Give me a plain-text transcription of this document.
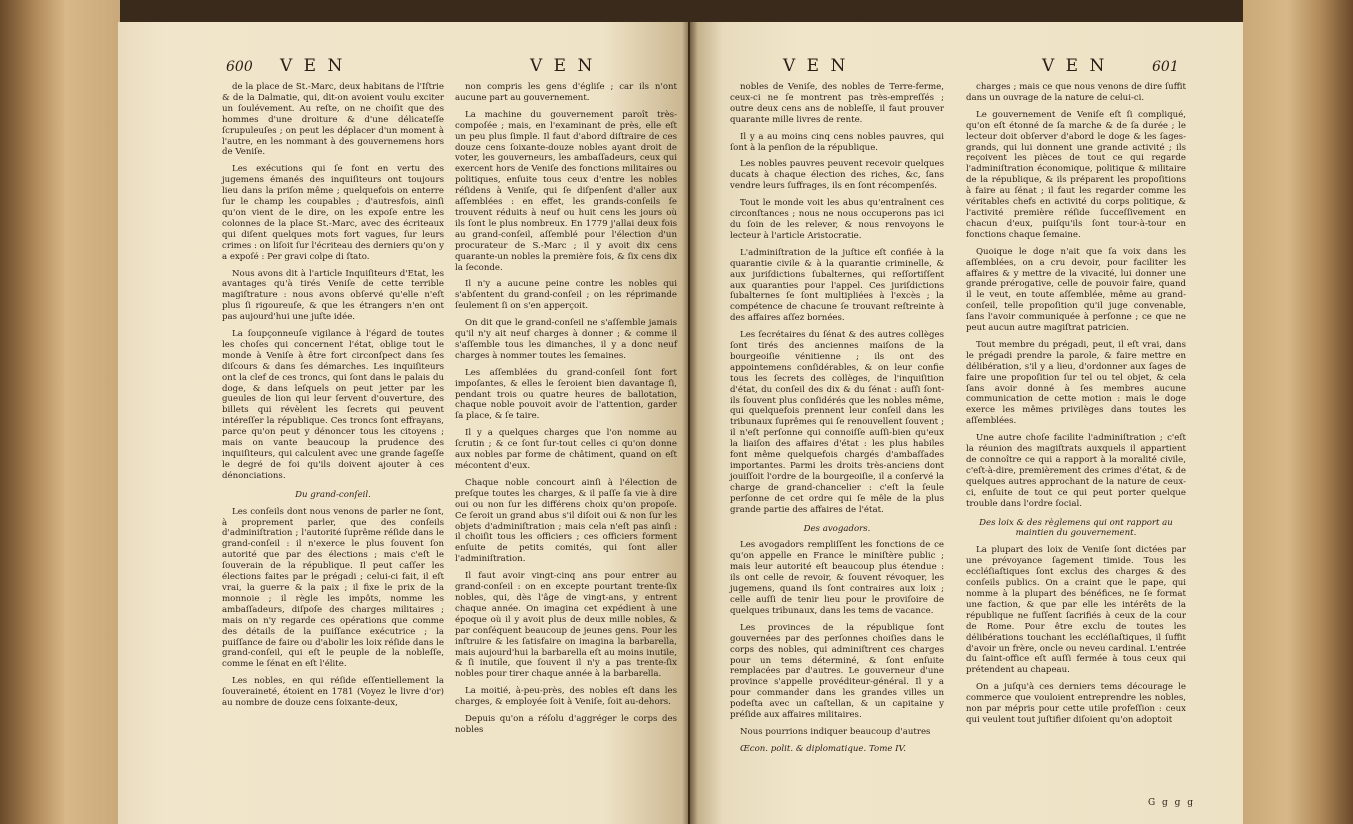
600 V E N	V E N

de la place de St.-Marc, deux habitans de l'Iſtrie & de la Dalmatie, qui, dit-on avoient voulu exciter un ſoulévement. Au reſte, on ne choiſit que des hommes d'une droiture & d'une délicateſſe ſcrupuleuſes ; on peut les déplacer d'un moment à l'autre, en les nommant à des gouvernemens hors de Veniſe.

Les exécutions qui ſe font en vertu des jugemens émanés des inquiſiteurs ont toujours lieu dans la priſon même ; quelquefois on enterre ſur le champ les coupables ; d'autresfois, ainſi qu'on vient de le dire, on les expoſe entre les colonnes de la place St.-Marc, avec des écriteaux qui diſent quelques mots fort vagues, ſur leurs crimes : on liſoit ſur l'écriteau des derniers qu'on y a expoſé : Per gravi colpe di ſtato.

Nous avons dit à l'article Inquiſiteurs d'Etat, les avantages qu'à tirés Veniſe de cette terrible magiſtrature : nous avons obſervé qu'elle n'eſt plus ſi rigoureuſe, & que les étrangers n'en ont pas aujourd'hui une juſte idée.

La ſoupçonneuſe vigilance à l'égard de toutes les choſes qui concernent l'état, oblige tout le monde à Veniſe à être fort circonſpect dans ſes diſcours & dans ſes démarches. Les inquiſiteurs ont la clef de ces troncs, qui ſont dans le palais du doge, & dans leſquels on peut jetter par les gueules de lion qui leur ſervent d'ouverture, des billets qui révèlent les ſecrets qui peuvent intéreſſer la république. Ces troncs ſont effrayans, parce qu'on peut y dénoncer tous les citoyens ; mais on vante beaucoup la prudence des inquiſiteurs, qui calculent avec une grande ſageſſe le degré de foi qu'ils doivent ajouter à ces dénonciations.

Du grand-conſeil.

Les conſeils dont nous venons de parler ne ſont, à proprement parler, que des conſeils d'adminiſtration ; l'autorité ſuprême réſide dans le grand-conſeil : il n'exerce le plus ſouvent ſon autorité que par des élections ; mais c'eſt le ſouverain de la république. Il peut caſſer les élections faites par le prégadi ; celui-ci fait, il eſt vrai, la guerre & la paix ; il fixe le prix de la monnoie ; il règle les impôts, nomme les ambaſſadeurs, diſpoſe des charges militaires ; mais on n'y regarde ces opérations que comme des détails de la puiſſance exécutrice ; la puiſſance de faire ou d'abolir les loix réſide dans le grand-conſeil, qui eſt le peuple de la nobleſſe, comme le ſénat en eſt l'élite.

Les nobles, en qui réſide eſſentiellement la ſouveraineté, étoient en 1781 (Voyez le livre d'or) au nombre de douze cens ſoixante-deux,

non compris les gens d'égliſe ; car ils n'ont aucune part au gouvernement.

La machine du gouvernement paroît très-compoſée ; mais, en l'examinant de près, elle eſt un peu plus ſimple. Il faut d'abord diſtraire de ces douze cens ſoixante-douze nobles ayant droit de voter, les gouverneurs, les ambaſſadeurs, ceux qui exercent hors de Veniſe des fonctions militaires ou politiques, enſuite tous ceux d'entre les nobles réſidens à Veniſe, qui ſe diſpenſent d'aller aux aſſemblées : en effet, les grands-conſeils ſe trouvent réduits à neuf ou huit cens les jours où ils ſont le plus nombreux. En 1779 j'allai deux fois au grand-conſeil, aſſemblé pour l'élection d'un procurateur de S.-Marc ; il y avoit dix cens quarante-un nobles la première fois, & ſix cens dix la ſeconde.

Il n'y a aucune peine contre les nobles qui s'abſentent du grand-conſeil ; on les réprimande ſeulement ſi on s'en apperçoit.

On dit que le grand-conſeil ne s'aſſemble jamais qu'il n'y ait neuf charges à donner ; & comme il s'aſſemble tous les dimanches, il y a donc neuf charges à nommer toutes les ſemaines.

Les aſſemblées du grand-conſeil ſont fort impoſantes, & elles le ſeroient bien davantage ſi, pendant trois ou quatre heures de ballotation, chaque noble pouvoit avoir de l'attention, garder ſa place, & ſe taire.

Il y a quelques charges que l'on nomme au ſcrutin ; & ce ſont ſur-tout celles ci qu'on donne aux nobles par forme de châtiment, quand on eſt mécontent d'eux.

Chaque noble concourt ainſi à l'élection de preſque toutes les charges, & il paſſe ſa vie à dire oui ou non ſur les différens choix qu'on propoſe. Ce ſeroit un grand abus s'il diſoit oui & non ſur les objets d'adminiſtration ; mais cela n'eſt pas ainſi : il choiſit tous les officiers ; ces officiers forment enſuite de petits comités, qui ſont aller l'adminiſtration.

Il faut avoir vingt-cinq ans pour entrer au grand-conſeil : on en excepte pourtant trente-ſix nobles, qui, dès l'âge de vingt-ans, y entrent chaque année. On imagina cet expédient à une époque où il y avoit plus de deux mille nobles, & par conſéquent beaucoup de jeunes gens. Pour les inſtruire & les ſatisfaire on imagina la barbarella, mais aujourd'hui la barbarella eſt au moins inutile, & ſi inutile, que ſouvent il n'y a pas trente-ſix nobles pour tirer chaque année à la barbarella.

La moitié, à-peu-près, des nobles eſt dans les charges, & employée ſoit à Veniſe, ſoit au-dehors.

Depuis qu'on a réſolu d'aggréger le corps des nobles

V E N	V E N	601

nobles de Veniſe, des nobles de Terre-ferme, ceux-ci ne ſe montrent pas très-empreſſés ; outre deux cens ans de nobleſſe, il faut prouver quarante mille livres de rente.

Il y a au moins cinq cens nobles pauvres, qui ſont à la penſion de la république.

Les nobles pauvres peuvent recevoir quelques ducats à chaque élection des riches, &c, ſans vendre leurs ſuffrages, ils en ſont récompenſés.

Tout le monde voit les abus qu'entraînent ces circonſtances ; nous ne nous occuperons pas ici du ſoin de les relever, & nous renvoyons le lecteur à l'article Aristocratie.

L'adminiſtration de la juſtice eſt confiée à la quarantie civile & à la quarantie criminelle, & aux juriſdictions ſubalternes, qui reſſortiſſent aux quaranties pour l'appel. Ces juriſdictions ſubalternes ſe ſont multipliées à l'excès ; la compétence de chacune ſe trouvant reſtreinte à des affaires aſſez bornées.

Les ſecrétaires du ſénat & des autres collèges ſont tirés des anciennes maiſons de la bourgeoiſie vénitienne ; ils ont des appointemens conſidérables, & on leur confie tous les ſecrets des collèges, de l'inquiſition d'état, du conſeil des dix & du ſénat : auſſi ſont-ils ſouvent plus conſidérés que les nobles même, qui quelquefois prennent leur conſeil dans les tribunaux ſuprêmes qui ſe renouvellent ſouvent ; il n'eſt perſonne qui connoiſſe auſſi-bien qu'eux la liaiſon des affaires d'état : les plus habiles font même quelquefois chargés d'ambaſſades importantes. Parmi les droits très-anciens dont jouiſſoit l'ordre de la bourgeoiſie, il a conſervé la charge de grand-chancelier : c'eſt la ſeule perſonne de cet ordre qui ſe mêle de la plus grande partie des affaires de l'état.

Des avogadors.

Les avogadors rempliſſent les fonctions de ce qu'on appelle en France le miniſtère public ; mais leur autorité eſt beaucoup plus étendue : ils ont celle de revoir, & ſouvent révoquer, les jugemens, quand ils ſont contraires aux loix ; celle auſſi de tenir lieu pour le proviſoire de quelques tribunaux, dans les tems de vacance.

Les provinces de la république ſont gouvernées par des perſonnes choiſies dans le corps des nobles, qui adminiſtrent ces charges pour un tems déterminé, & ſont enſuite remplacées par d'autres. Le gouverneur d'une province s'appelle provéditeur-général. Il y a pour commander dans les grandes villes un podeſta avec un caſtellan, & un capitaine y préſide aux affaires militaires.

Nous pourrions indiquer beaucoup d'autres

Œcon. polit. & diplomatique. Tome IV.

charges ; mais ce que nous venons de dire ſuffit dans un ouvrage de la nature de celui-ci.

Le gouvernement de Veniſe eſt ſi compliqué, qu'on eſt étonné de ſa marche & de ſa durée ; le lecteur doit obſerver d'abord le doge & les ſages-grands, qui lui donnent une grande activité ; ils reçoivent les pièces de tout ce qui regarde l'adminiſtration économique, politique & militaire de la république, & ils préparent les propoſitions à faire au ſénat ; il faut les regarder comme les véritables chefs en activité du corps politique, & l'activité première réſide ſucceſſivement en chacun d'eux, puiſqu'ils ſont tour-à-tour en fonctions chaque ſemaine.

Quoique le doge n'ait que ſa voix dans les aſſemblées, on a cru devoir, pour faciliter les affaires & y mettre de la vivacité, lui donner une grande prérogative, celle de pouvoir faire, quand il le veut, en toute aſſemblée, même au grand-conſeil, telle propoſition qu'il juge convenable, ſans l'avoir communiquée à perſonne ; ce que ne peut aucun autre magiſtrat patricien.

Tout membre du prégadi, peut, il eſt vrai, dans le prégadi prendre la parole, & faire mettre en délibération, s'il y a lieu, d'ordonner aux ſages de faire une propoſition ſur tel ou tel objet, & cela ſans avoir donné à ſes membres aucune communication de cette motion : mais le doge exerce les mêmes privilèges dans toutes les aſſemblées.

Une autre choſe facilite l'adminiſtration ; c'eſt la réunion des magiſtrats auxquels il appartient de connoître ce qui a rapport à la moralité civile, c'eſt-à-dire, premièrement des crimes d'état, & de quelques autres approchant de la nature de ceux-ci, enſuite de tout ce qui peut porter quelque trouble dans l'ordre ſocial.

Des loix & des règlemens qui ont rapport au maintien du gouvernement.

La plupart des loix de Veniſe ſont dictées par une prévoyance ſagement timide. Tous les eccléſiaſtiques ſont exclus des charges & des conſeils publics. On a craint que le pape, qui nomme à la plupart des bénéfices, ne ſe format une faction, & que par elle les intérêts de la république ne fuſſent ſacrifiés à ceux de la cour de Rome. Pour être exclu de toutes les délibérations touchant les eccléſiaſtiques, il ſuffit d'avoir un frère, oncle ou neveu cardinal. L'entrée du ſaint-office eſt auſſi fermée à tous ceux qui prétendent au chapeau.

On a juſqu'à ces derniers tems décourage le commerce que vouloient entreprendre les nobles, non par mépris pour cette utile profeſſion : ceux qui veulent tout juſtifier diſoient qu'on adoptoit

G g g g
